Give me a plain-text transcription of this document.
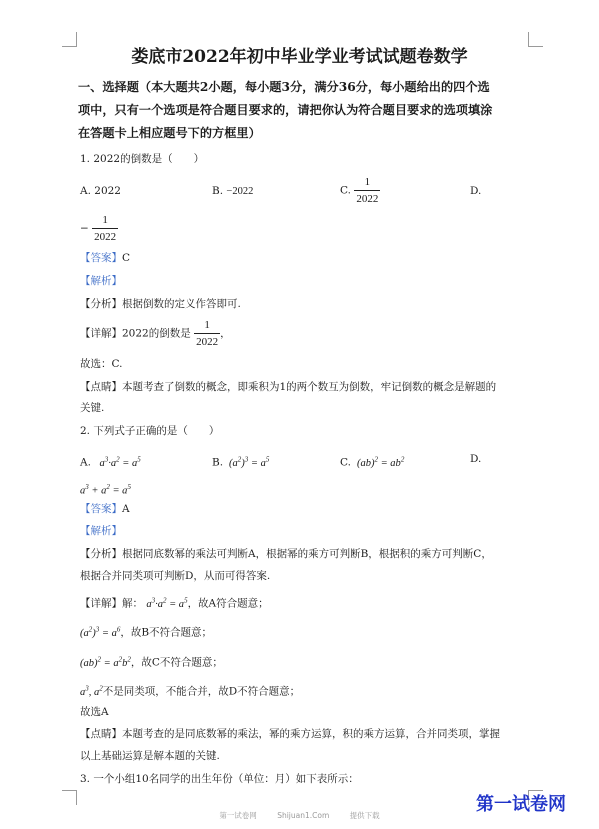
娄底市2022年初中毕业学业考试试题卷数学
一、选择题（本大题共2小题，每小题3分，满分36分，每小题给出的四个选
项中，只有一个选项是符合题目要求的，请把你认为符合题目要求的选项填涂
在答题卡上相应题号下的方框里）
1. 2022的倒数是（　　）
A. 2022	B. −2022	C. $\frac{1}{2022}$	D.
− $\frac{1}{2022}$
【答案】C
【解析】
【分析】根据倒数的定义作答即可.
【详解】2022的倒数是 $\frac{1}{2022}$ ，
故选：C.
【点睛】本题考查了倒数的概念，即乘积为1的两个数互为倒数，牢记倒数的概念是解题的
关键.
2. 下列式子正确的是（　　）
A.   $a^3\cdot a^2 = a^5$	B.  $(a^2)^3 = a^5$	C.  $(ab)^2 = ab^2$	D.
$a^3 + a^2 = a^5$
【答案】A
【解析】
【分析】根据同底数幂的乘法可判断A，根据幂的乘方可判断B，根据积的乘方可判断C，
根据合并同类项可判断D，从而可得答案.
【详解】解： $a^3\cdot a^2 = a^5$，故A符合题意；
$(a^2)^3 = a^6$，故B不符合题意；
$(ab)^2 = a^2b^2$，故C不符合题意；
$a^3$, $a^2$不是同类项，不能合并，故D不符合题意；
故选A
【点睛】本题考查的是同底数幂的乘法，幂的乘方运算，积的乘方运算，合并同类项，掌握
以上基础运算是解本题的关键.
3. 一个小组10名同学的出生年份（单位：月）如下表所示：
第一试卷网	Shijuan1.Com	提供下载
第一试卷网
